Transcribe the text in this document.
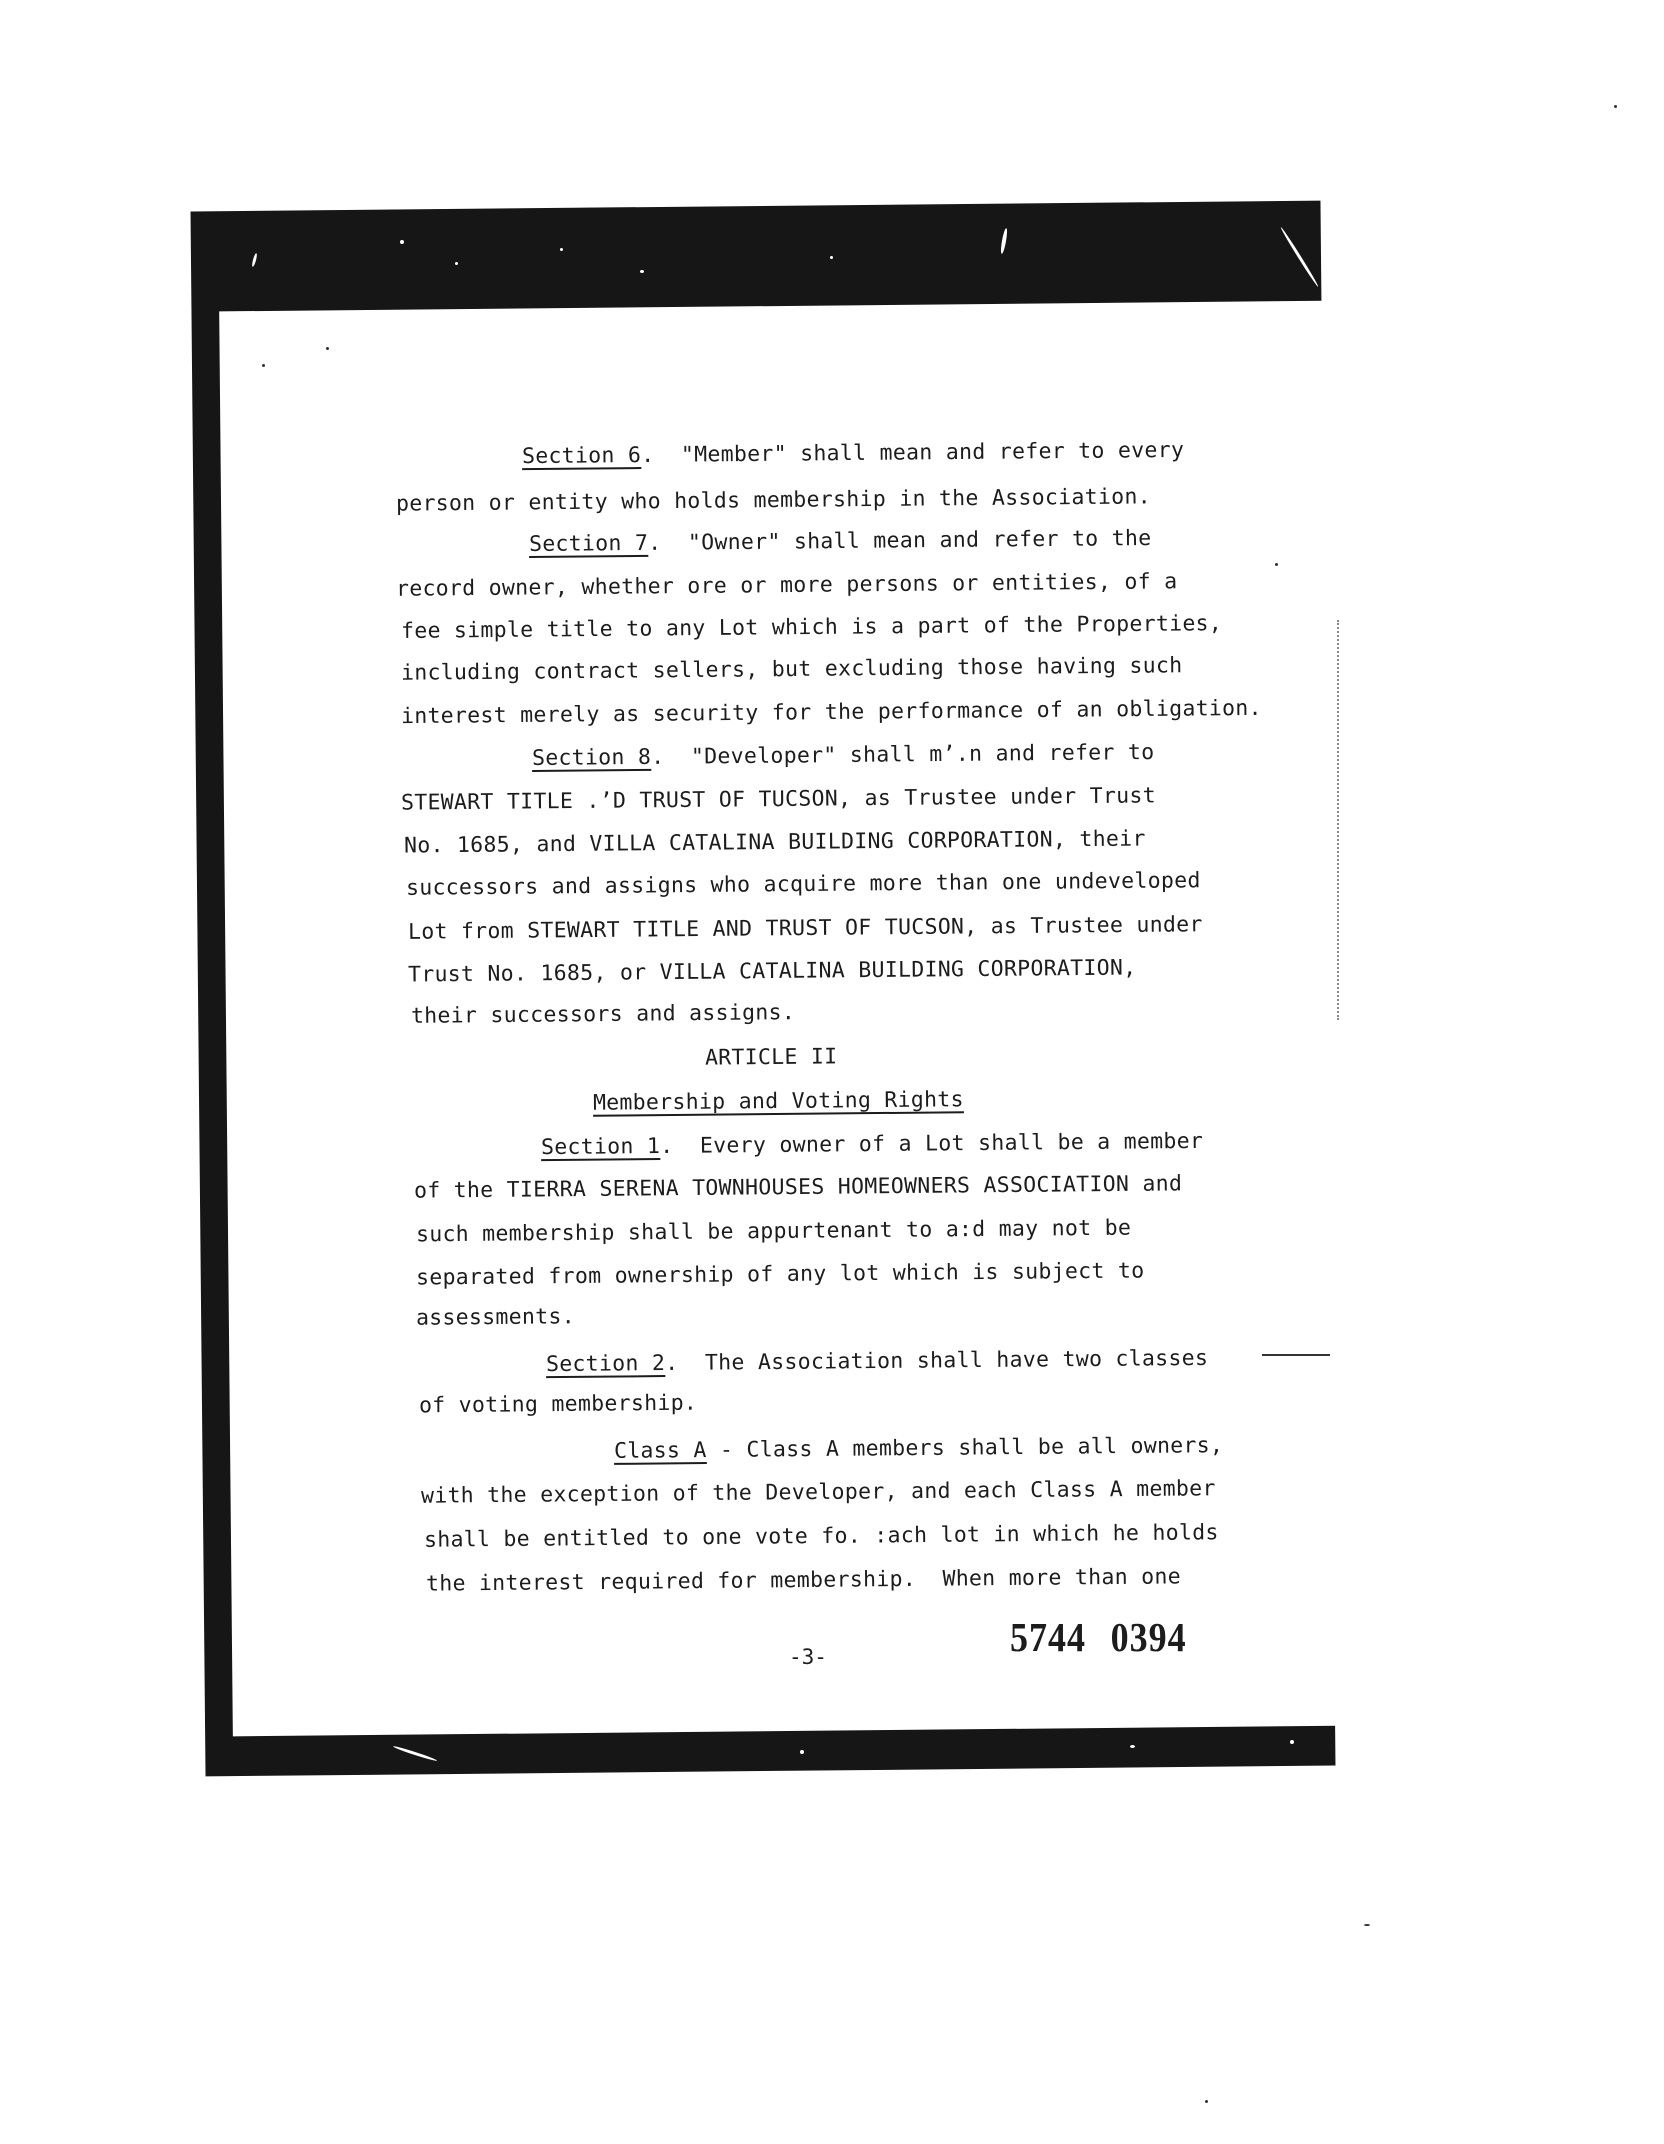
Section 6.  "Member" shall mean and refer to every
person or entity who holds membership in the Association.
Section 7.  "Owner" shall mean and refer to the
record owner, whether ore or more persons or entities, of a
fee simple title to any Lot which is a part of the Properties,
including contract sellers, but excluding those having such
interest merely as security for the performance of an obligation.
Section 8.  "Developer" shall mʼ.n and refer to
STEWART TITLE .’D TRUST OF TUCSON, as Trustee under Trust
No. 1685, and VILLA CATALINA BUILDING CORPORATION, their
successors and assigns who acquire more than one undeveloped
Lot from STEWART TITLE AND TRUST OF TUCSON, as Trustee under
Trust No. 1685, or VILLA CATALINA BUILDING CORPORATION,
their successors and assigns.
ARTICLE II
Membership and Voting Rights
Section 1.  Every owner of a Lot shall be a member
of the TIERRA SERENA TOWNHOUSES HOMEOWNERS ASSOCIATION and
such membership shall be appurtenant to a:d may not be
separated from ownership of any lot which is subject to
assessments.
Section 2.  The Association shall have two classes
of voting membership.
Class A - Class A members shall be all owners,
with the exception of the Developer, and each Class A member
shall be entitled to one vote fo. :ach lot in which he holds
the interest required for membership.  When more than one
-3-	5744   0394
